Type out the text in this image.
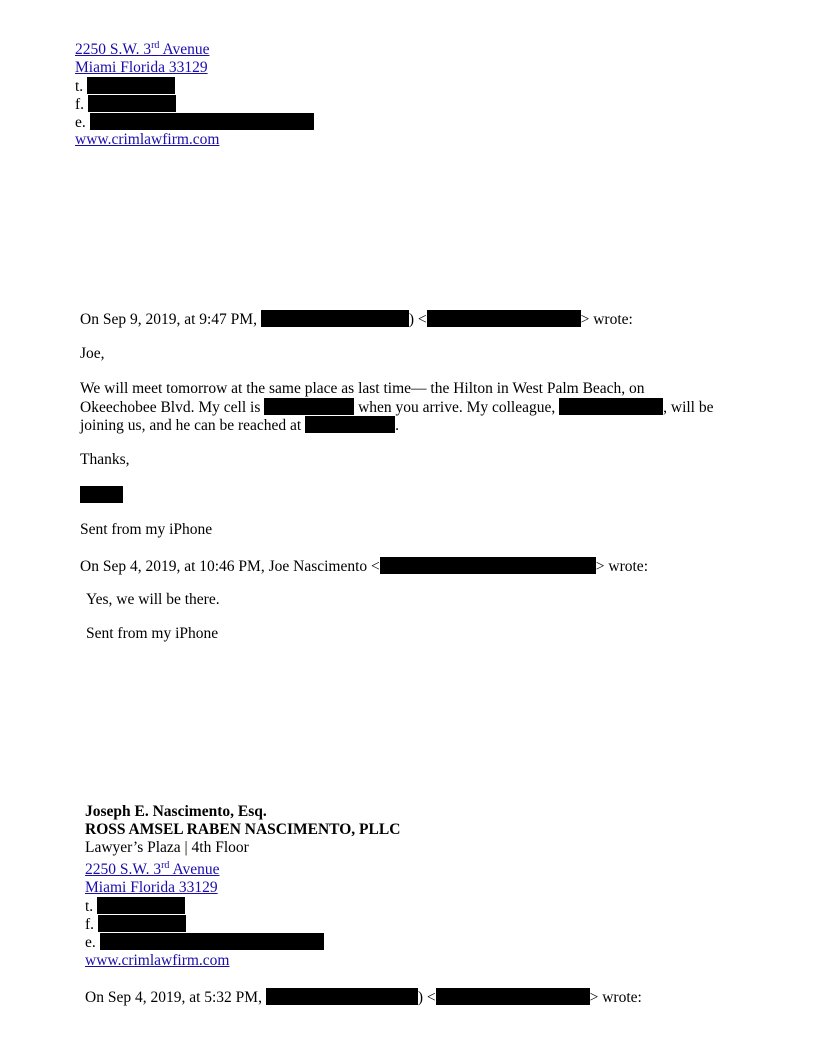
2250 S.W. 3rd Avenue
Miami Florida 33129
t.
f.
e.
www.crimlawfirm.com
On Sep 9, 2019, at 9:47 PM,	) <	> wrote:
Joe,
We will meet tomorrow at the same place as last time— the Hilton in West Palm Beach, on
Okeechobee Blvd. My cell is	when you arrive. My colleague,	, will be
joining us, and he can be reached at	.
Thanks,
Sent from my iPhone
On Sep 4, 2019, at 10:46 PM, Joe Nascimento <	> wrote:
Yes, we will be there.
Sent from my iPhone
Joseph E. Nascimento, Esq.
ROSS AMSEL RABEN NASCIMENTO, PLLC
Lawyer’s Plaza | 4th Floor
2250 S.W. 3rd Avenue
Miami Florida 33129
t.
f.
e.
www.crimlawfirm.com
On Sep 4, 2019, at 5:32 PM,	) <	> wrote:
